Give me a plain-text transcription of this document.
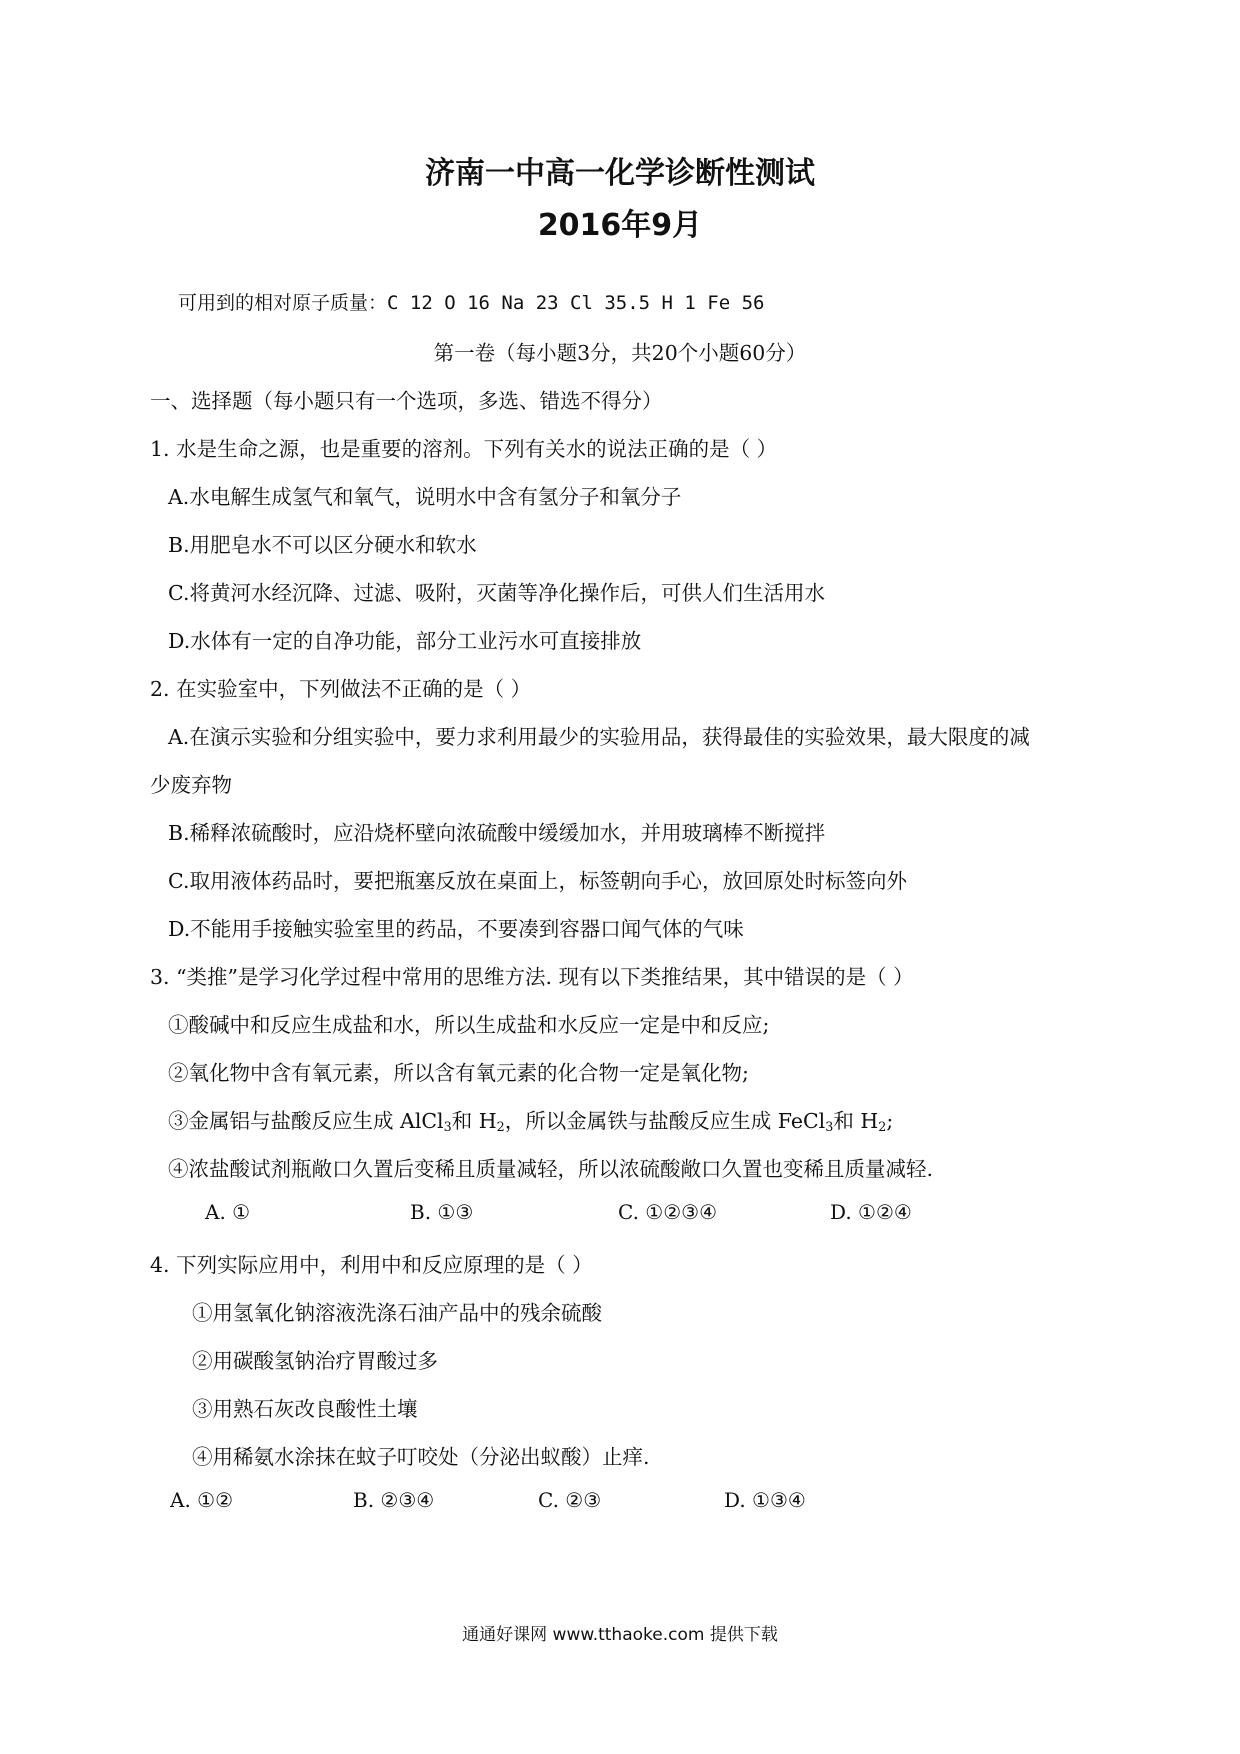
济南一中高一化学诊断性测试
2016年9月
可用到的相对原子质量：C 12 O 16 Na 23 Cl 35.5 H 1 Fe 56
第一卷（每小题3分，共20个小题60分）
一、选择题（每小题只有一个选项，多选、错选不得分）
1. 水是生命之源，也是重要的溶剂。下列有关水的说法正确的是（ ）
A.水电解生成氢气和氧气，说明水中含有氢分子和氧分子
B.用肥皂水不可以区分硬水和软水
C.将黄河水经沉降、过滤、吸附，灭菌等净化操作后，可供人们生活用水
D.水体有一定的自净功能，部分工业污水可直接排放
2. 在实验室中，下列做法不正确的是（ ）
A.在演示实验和分组实验中，要力求利用最少的实验用品，获得最佳的实验效果，最大限度的减
少废弃物
B.稀释浓硫酸时，应沿烧杯壁向浓硫酸中缓缓加水，并用玻璃棒不断搅拌
C.取用液体药品时，要把瓶塞反放在桌面上，标签朝向手心，放回原处时标签向外
D.不能用手接触实验室里的药品，不要凑到容器口闻气体的气味
3. “类推”是学习化学过程中常用的思维方法. 现有以下类推结果，其中错误的是（ ）
①酸碱中和反应生成盐和水，所以生成盐和水反应一定是中和反应;
②氧化物中含有氧元素，所以含有氧元素的化合物一定是氧化物;
③金属铝与盐酸反应生成 AlCl$_3$和 $H_2$，所以金属铁与盐酸反应生成 FeCl$_3$和 $H_2$;
④浓盐酸试剂瓶敞口久置后变稀且质量减轻，所以浓硫酸敞口久置也变稀且质量减轻.
A. ①	B. ①③	C. ①②③④	D. ①②④
4. 下列实际应用中，利用中和反应原理的是（ ）
①用氢氧化钠溶液洗涤石油产品中的残余硫酸
②用碳酸氢钠治疗胃酸过多
③用熟石灰改良酸性土壤
④用稀氨水涂抹在蚊子叮咬处（分泌出蚁酸）止痒.
A. ①②	B. ②③④	C. ②③	D. ①③④
通通好课网 www.tthaoke.com 提供下载
